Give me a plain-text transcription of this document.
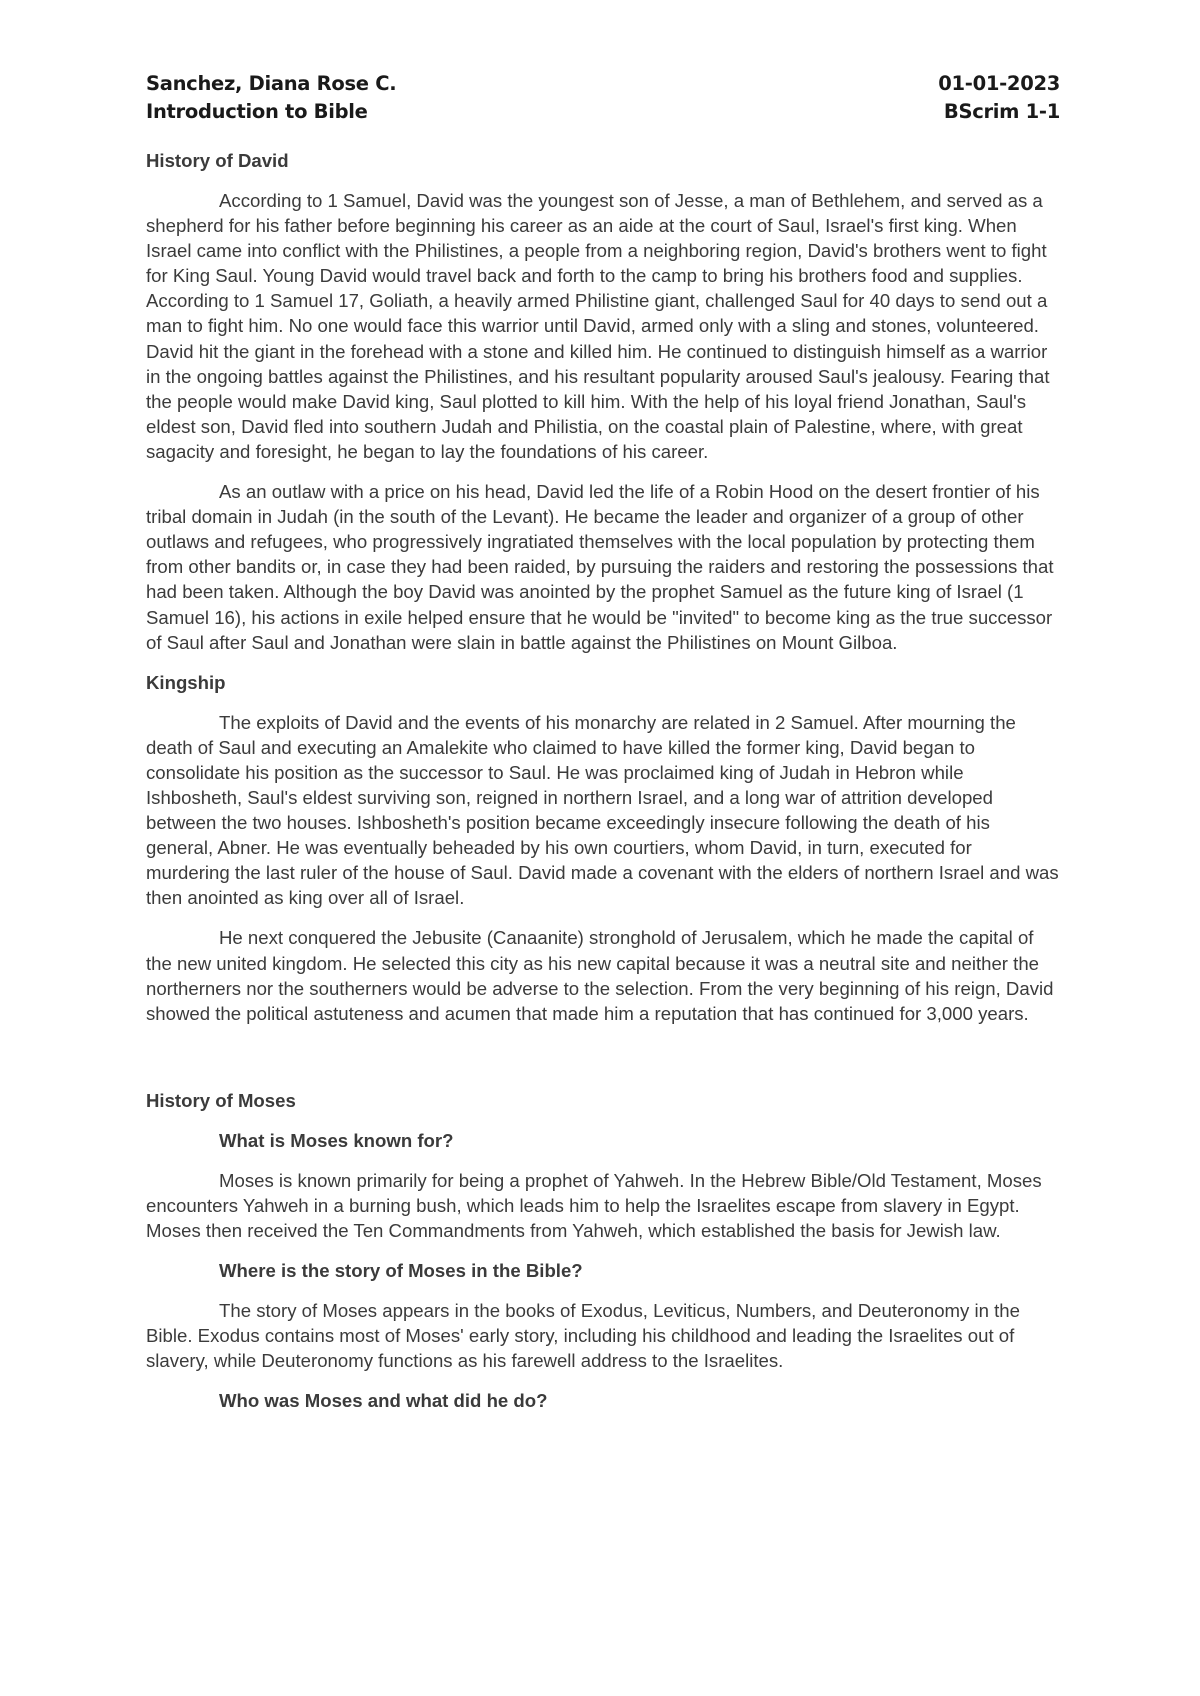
Sanchez, Diana Rose C.	01-01-2023
Introduction to Bible	BScrim 1-1
History of David

According to 1 Samuel, David was the youngest son of Jesse, a man of Bethlehem, and served as a shepherd for his father before beginning his career as an aide at the court of Saul, Israel's first king. When Israel came into conflict with the Philistines, a people from a neighboring region, David's brothers went to fight for King Saul. Young David would travel back and forth to the camp to bring his brothers food and supplies. According to 1 Samuel 17, Goliath, a heavily armed Philistine giant, challenged Saul for 40 days to send out a man to fight him. No one would face this warrior until David, armed only with a sling and stones, volunteered. David hit the giant in the forehead with a stone and killed him. He continued to distinguish himself as a warrior in the ongoing battles against the Philistines, and his resultant popularity aroused Saul's jealousy. Fearing that the people would make David king, Saul plotted to kill him. With the help of his loyal friend Jonathan, Saul's eldest son, David fled into southern Judah and Philistia, on the coastal plain of Palestine, where, with great sagacity and foresight, he began to lay the foundations of his career.

As an outlaw with a price on his head, David led the life of a Robin Hood on the desert frontier of his tribal domain in Judah (in the south of the Levant). He became the leader and organizer of a group of other outlaws and refugees, who progressively ingratiated themselves with the local population by protecting them from other bandits or, in case they had been raided, by pursuing the raiders and restoring the possessions that had been taken. Although the boy David was anointed by the prophet Samuel as the future king of Israel (1 Samuel 16), his actions in exile helped ensure that he would be "invited" to become king as the true successor of Saul after Saul and Jonathan were slain in battle against the Philistines on Mount Gilboa.

Kingship

The exploits of David and the events of his monarchy are related in 2 Samuel. After mourning the death of Saul and executing an Amalekite who claimed to have killed the former king, David began to consolidate his position as the successor to Saul. He was proclaimed king of Judah in Hebron while Ishbosheth, Saul's eldest surviving son, reigned in northern Israel, and a long war of attrition developed between the two houses. Ishbosheth's position became exceedingly insecure following the death of his general, Abner. He was eventually beheaded by his own courtiers, whom David, in turn, executed for murdering the last ruler of the house of Saul. David made a covenant with the elders of northern Israel and was then anointed as king over all of Israel.

He next conquered the Jebusite (Canaanite) stronghold of Jerusalem, which he made the capital of the new united kingdom. He selected this city as his new capital because it was a neutral site and neither the northerners nor the southerners would be adverse to the selection. From the very beginning of his reign, David showed the political astuteness and acumen that made him a reputation that has continued for 3,000 years.

History of Moses
What is Moses known for?

Moses is known primarily for being a prophet of Yahweh. In the Hebrew Bible/Old Testament, Moses encounters Yahweh in a burning bush, which leads him to help the Israelites escape from slavery in Egypt. Moses then received the Ten Commandments from Yahweh, which established the basis for Jewish law.

Where is the story of Moses in the Bible?

The story of Moses appears in the books of Exodus, Leviticus, Numbers, and Deuteronomy in the Bible. Exodus contains most of Moses' early story, including his childhood and leading the Israelites out of slavery, while Deuteronomy functions as his farewell address to the Israelites.

Who was Moses and what did he do?
